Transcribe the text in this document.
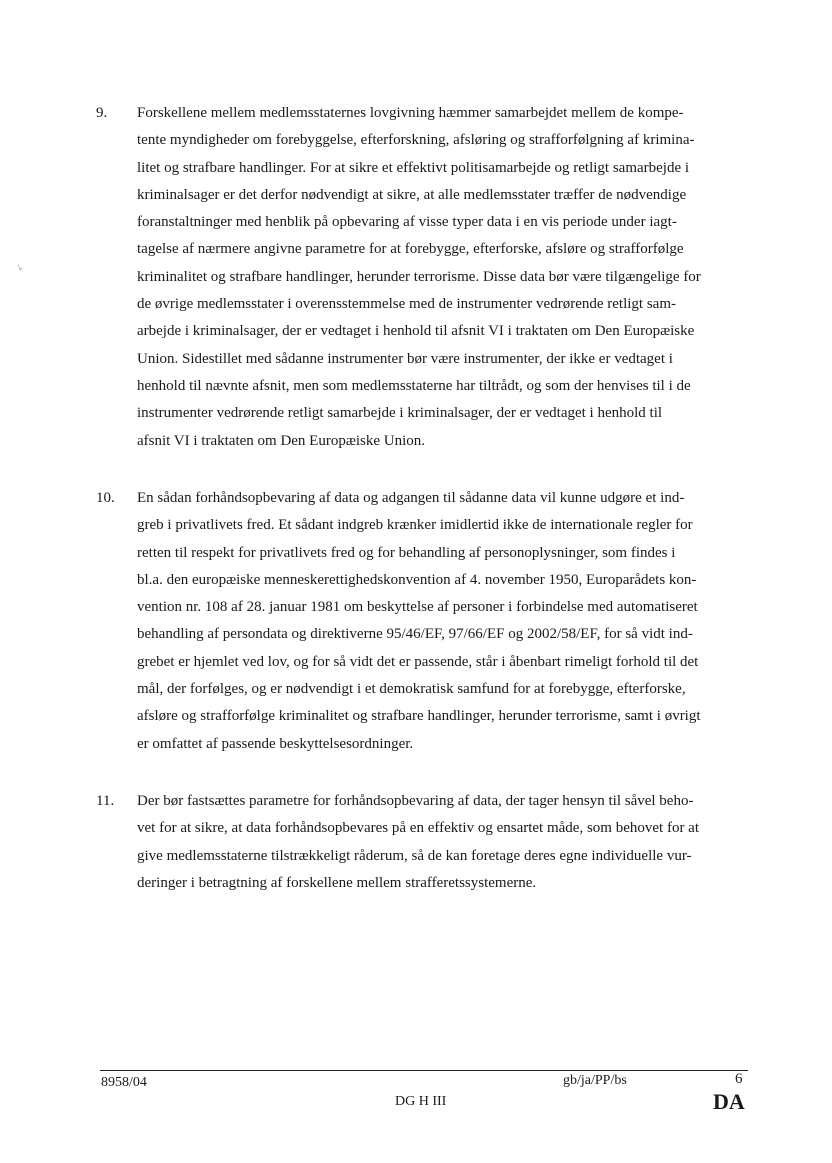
\-
9. Forskellene mellem medlemsstaternes lovgivning hæmmer samarbejdet mellem de kompe-
tente myndigheder om forebyggelse, efterforskning, afsløring og strafforfølgning af krimina-
litet og strafbare handlinger. For at sikre et effektivt politisamarbejde og retligt samarbejde i
kriminalsager er det derfor nødvendigt at sikre, at alle medlemsstater træffer de nødvendige
foranstaltninger med henblik på opbevaring af visse typer data i en vis periode under iagt-
tagelse af nærmere angivne parametre for at forebygge, efterforske, afsløre og strafforfølge
kriminalitet og strafbare handlinger, herunder terrorisme. Disse data bør være tilgængelige for
de øvrige medlemsstater i overensstemmelse med de instrumenter vedrørende retligt sam-
arbejde i kriminalsager, der er vedtaget i henhold til afsnit VI i traktaten om Den Europæiske
Union. Sidestillet med sådanne instrumenter bør være instrumenter, der ikke er vedtaget i
henhold til nævnte afsnit, men som medlemsstaterne har tiltrådt, og som der henvises til i de
instrumenter vedrørende retligt samarbejde i kriminalsager, der er vedtaget i henhold til
afsnit VI i traktaten om Den Europæiske Union.
10. En sådan forhåndsopbevaring af data og adgangen til sådanne data vil kunne udgøre et ind-
greb i privatlivets fred. Et sådant indgreb krænker imidlertid ikke de internationale regler for
retten til respekt for privatlivets fred og for behandling af personoplysninger, som findes i
bl.a. den europæiske menneskerettighedskonvention af 4. november 1950, Europarådets kon-
vention nr. 108 af 28. januar 1981 om beskyttelse af personer i forbindelse med automatiseret
behandling af persondata og direktiverne 95/46/EF, 97/66/EF og 2002/58/EF, for så vidt ind-
grebet er hjemlet ved lov, og for så vidt det er passende, står i åbenbart rimeligt forhold til det
mål, der forfølges, og er nødvendigt i et demokratisk samfund for at forebygge, efterforske,
afsløre og strafforfølge kriminalitet og strafbare handlinger, herunder terrorisme, samt i øvrigt
er omfattet af passende beskyttelsesordninger.
11. Der bør fastsættes parametre for forhåndsopbevaring af data, der tager hensyn til såvel beho-
vet for at sikre, at data forhåndsopbevares på en effektiv og ensartet måde, som behovet for at
give medlemsstaterne tilstrækkeligt råderum, så de kan foretage deres egne individuelle vur-
deringer i betragtning af forskellene mellem strafferetssystemerne.
8958/04	gb/ja/PP/bs	6
DG H III	DA
